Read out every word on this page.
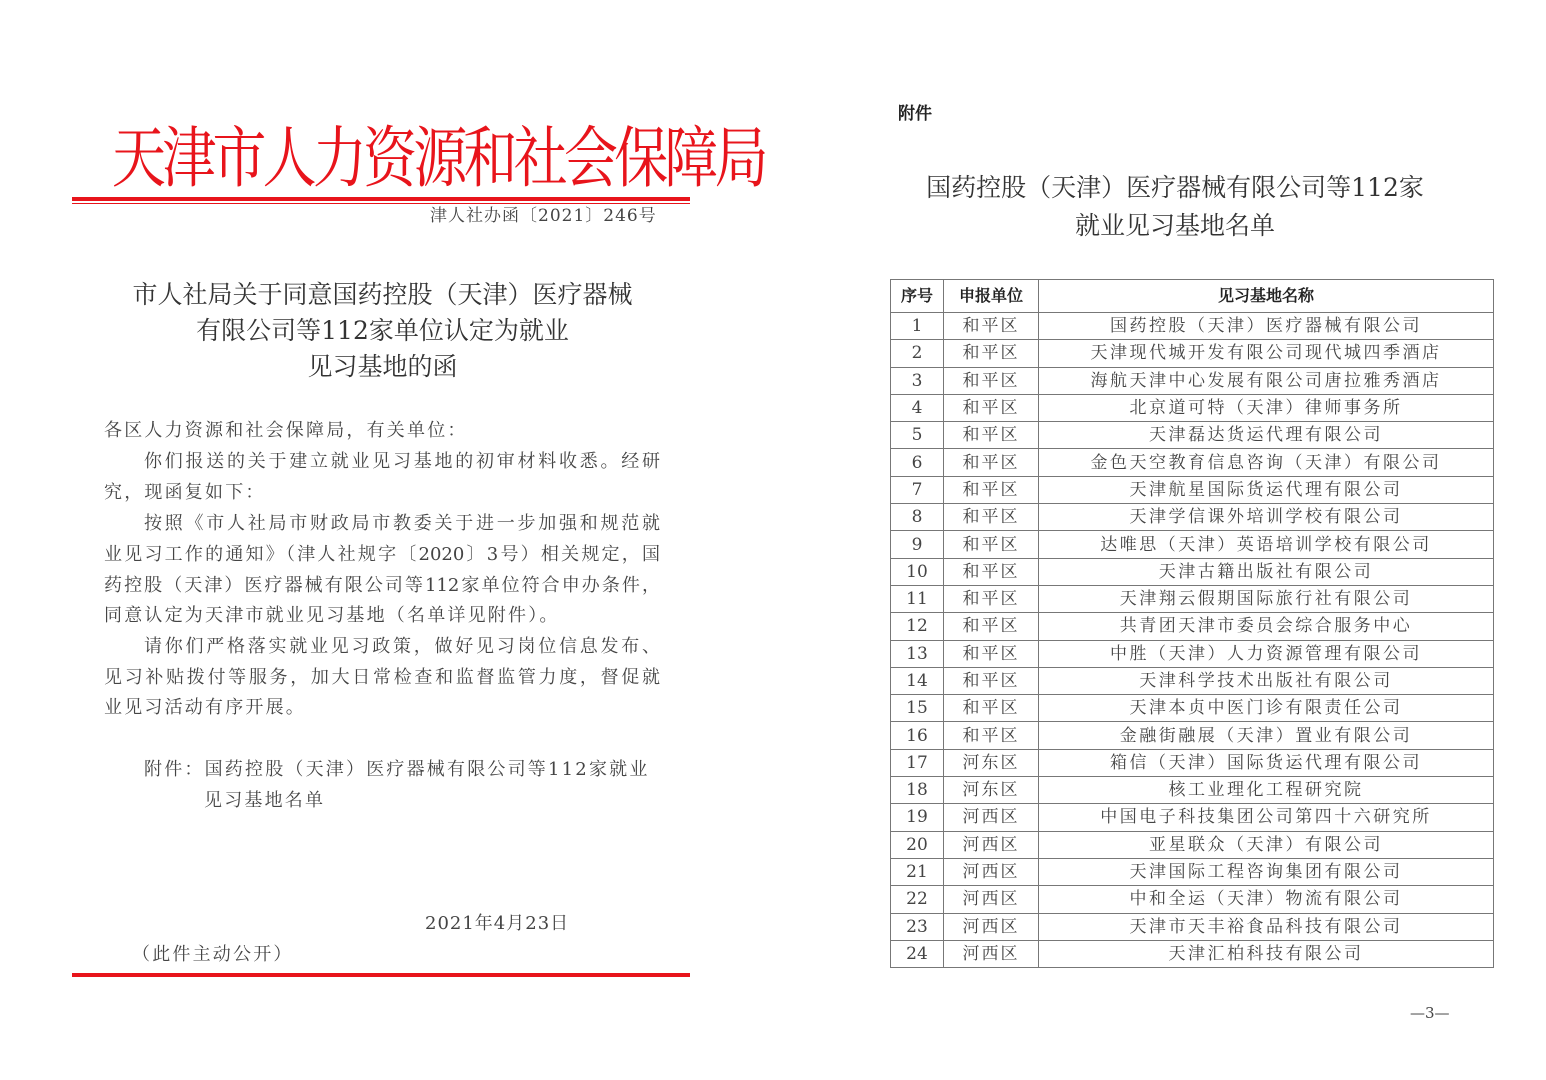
天津市人力资源和社会保障局
津人社办函〔2021〕246号
市人社局关于同意国药控股（天津）医疗器械
有限公司等112家单位认定为就业
见习基地的函
各区人力资源和社会保障局，有关单位：
你们报送的关于建立就业见习基地的初审材料收悉。经研
究，现函复如下：
按照《市人社局市财政局市教委关于进一步加强和规范就
业见习工作的通知》（津人社规字〔2020〕3号）相关规定，国
药控股（天津）医疗器械有限公司等112家单位符合申办条件，
同意认定为天津市就业见习基地（名单详见附件）。
请你们严格落实就业见习政策，做好见习岗位信息发布、
见习补贴拨付等服务，加大日常检查和监督监管力度，督促就
业见习活动有序开展。
附件：国药控股（天津）医疗器械有限公司等112家就业
见习基地名单
2021年4月23日
（此件主动公开）
附件
国药控股（天津）医疗器械有限公司等112家
就业见习基地名单
序号	申报单位	见习基地名称
1	和平区	国药控股（天津）医疗器械有限公司
2	和平区	天津现代城开发有限公司现代城四季酒店
3	和平区	海航天津中心发展有限公司唐拉雅秀酒店
4	和平区	北京道可特（天津）律师事务所
5	和平区	天津磊达货运代理有限公司
6	和平区	金色天空教育信息咨询（天津）有限公司
7	和平区	天津航星国际货运代理有限公司
8	和平区	天津学信课外培训学校有限公司
9	和平区	达唯思（天津）英语培训学校有限公司
10	和平区	天津古籍出版社有限公司
11	和平区	天津翔云假期国际旅行社有限公司
12	和平区	共青团天津市委员会综合服务中心
13	和平区	中胜（天津）人力资源管理有限公司
14	和平区	天津科学技术出版社有限公司
15	和平区	天津本贞中医门诊有限责任公司
16	和平区	金融街融展（天津）置业有限公司
17	河东区	箱信（天津）国际货运代理有限公司
18	河东区	核工业理化工程研究院
19	河西区	中国电子科技集团公司第四十六研究所
20	河西区	亚星联众（天津）有限公司
21	河西区	天津国际工程咨询集团有限公司
22	河西区	中和全运（天津）物流有限公司
23	河西区	天津市天丰裕食品科技有限公司
24	河西区	天津汇柏科技有限公司
—3—
